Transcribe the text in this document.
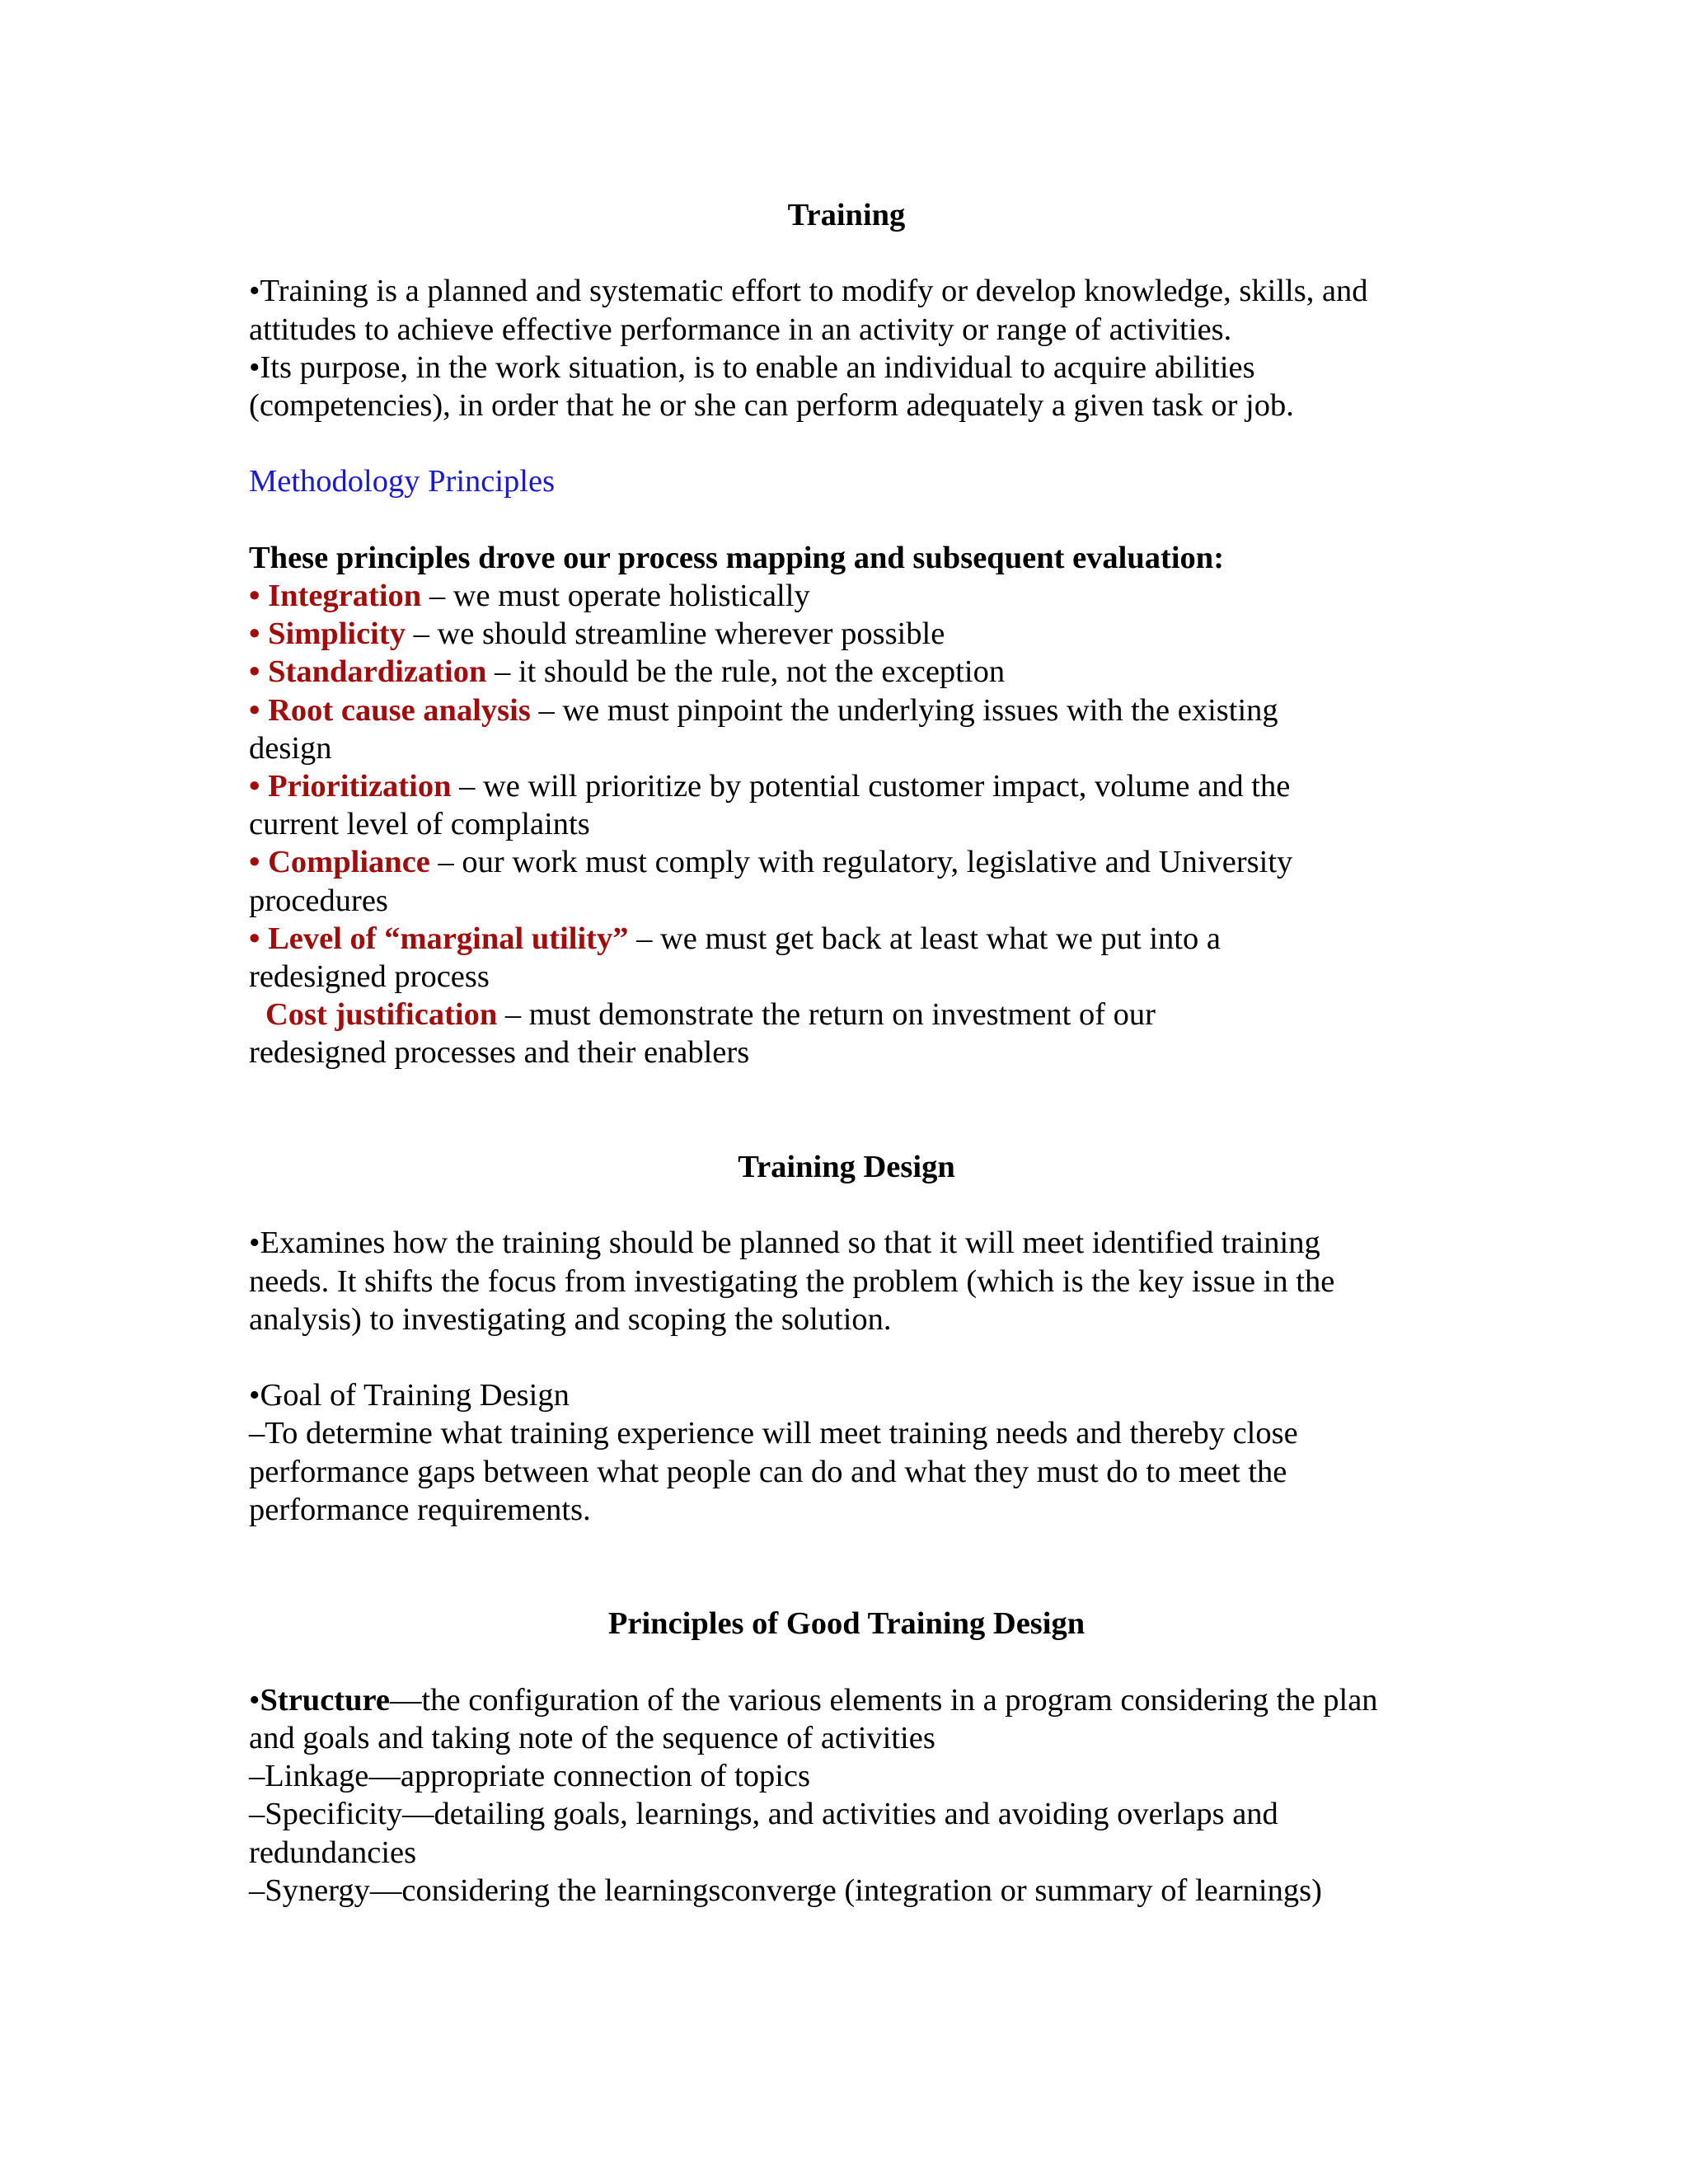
Training
•Training is a planned and systematic effort to modify or develop knowledge, skills, and
attitudes to achieve effective performance in an activity or range of activities.
•Its purpose, in the work situation, is to enable an individual to acquire abilities
(competencies), in order that he or she can perform adequately a given task or job.
Methodology Principles
These principles drove our process mapping and subsequent evaluation:
• Integration – we must operate holistically
• Simplicity – we should streamline wherever possible
• Standardization – it should be the rule, not the exception
• Root cause analysis – we must pinpoint the underlying issues with the existing
design
• Prioritization – we will prioritize by potential customer impact, volume and the
current level of complaints
• Compliance – our work must comply with regulatory, legislative and University
procedures
• Level of “marginal utility” – we must get back at least what we put into a
redesigned process
Cost justification – must demonstrate the return on investment of our
redesigned processes and their enablers
Training Design
•Examines how the training should be planned so that it will meet identified training
needs. It shifts the focus from investigating the problem (which is the key issue in the
analysis) to investigating and scoping the solution.
•Goal of Training Design
–To determine what training experience will meet training needs and thereby close
performance gaps between what people can do and what they must do to meet the
performance requirements.
Principles of Good Training Design
•Structure—the configuration of the various elements in a program considering the plan
and goals and taking note of the sequence of activities
–Linkage—appropriate connection of topics
–Specificity—detailing goals, learnings, and activities and avoiding overlaps and
redundancies
–Synergy—considering the learningsconverge (integration or summary of learnings)
